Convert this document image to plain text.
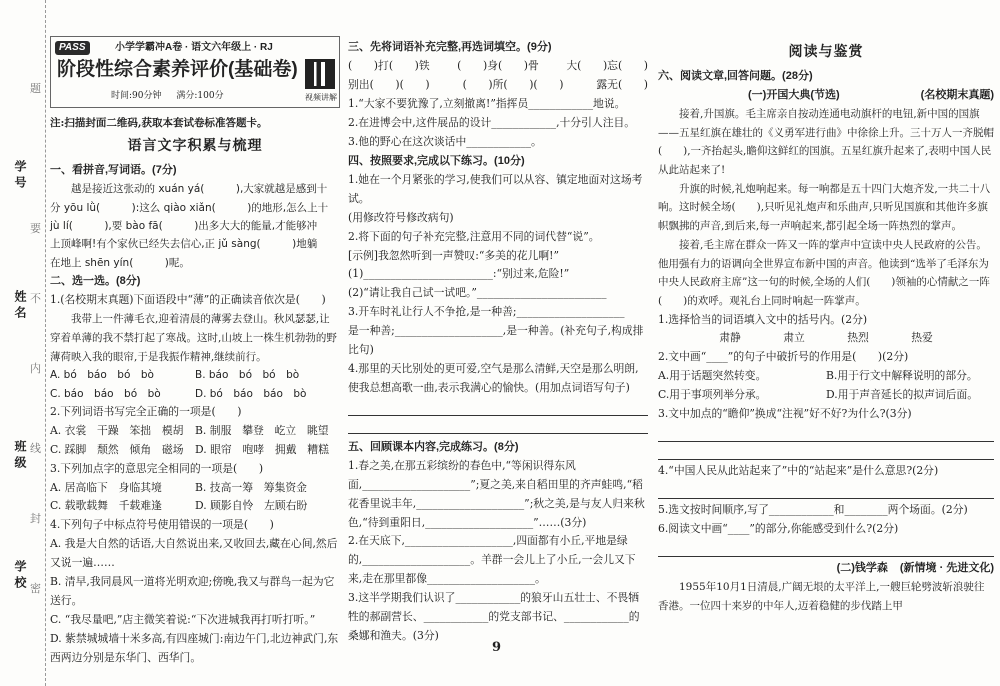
学号
姓名
班级
学校
题
要
不
内
线
封
密
PASS	小学学霸冲A卷 · 语文六年级上 · RJ
阶段性综合素养评价(基础卷)
时间:90分钟 满分:100分	视频讲解
注:扫描封面二维码,获取本套试卷标准答题卡。
语言文字积累与梳理
一、看拼音,写词语。(7分)
越是接近这张动的 xuán yá(　　　),大家就越是感到十
分 yōu lǜ(　　　):这么 qiào xiǎn(　　　)的地形,怎么上十
jù lí(　　　),要 bào fā(　　　)出多大大的能量,才能够冲
上顶峰啊!有个家伙已经失去信心,正 jǔ sàng(　　　)地躺
在地上 shēn yín(　　　)呢。
二、选一选。(8分)
1.(名校期末真题)下面语段中“薄”的正确读音依次是(　　)
我带上一件薄毛衣,迎着清晨的薄雾去登山。秋风瑟瑟,让穿着单薄的我不禁打起了寒战。这时,山坡上一株生机勃勃的野薄荷映入我的眼帘,于是我振作精神,继续前行。
A. bó　báo　bó　bò	B. báo　bó　bó　bò
C. báo　báo　bó　bò	D. bó　báo　báo　bò
2.下列词语书写完全正确的一项是(　　)
A. 衣裳　干躁　笨拙　模胡	B. 制服　攀登　屹立　眺望
C. 踩脚　颓然　倾角　磁场	D. 眼帘　咆哮　拥戴　糟糕
3.下列加点字的意思完全相同的一项是(　　)
A. 居高临下　身临其境	B. 技高一筹　筹集资金
C. 载歌载舞　千载难逢	D. 顾影自怜　左顾右盼
4.下列句子中标点符号使用错误的一项是(　　)
A. 我是大自然的话语,大自然说出来,又收回去,藏在心间,然后又说一遍……
B. 清早,我同晨风一道将光明欢迎;傍晚,我又与群鸟一起为它送行。
C. “我尽量吧,”店主微笑着说:“下次进城我再打听打听。”
D. 紫禁城城墙十米多高,有四座城门:南边午门,北边神武门,东西两边分别是东华门、西华门。
三、先将词语补充完整,再选词填空。(9分)
(　　)打(　　)铁	(　　)身(　　)骨	大(　　)忘(　　)
别出(　　)(　　)	(　　)所(　　)(　　)	露无(　　)
1.“大家不要犹豫了,立刻撤离!”指挥员____________地说。
2.在进博会中,这件展品的设计____________,十分引人注目。
3.他的野心在这次谈话中____________。
四、按照要求,完成以下练习。(10分)
1.她在一个月紧张的学习,使我们可以从容、镇定地面对这场考试。
(用修改符号修改病句)
2.将下面的句子补充完整,注意用不同的词代替“说”。
[示例]我忽然听到一声赞叹:“多美的花儿啊!”
(1)________________________:“别过来,危险!”
(2)“请让我自己试一试吧。”________________________
3.开车时礼让行人不争抢,是一种善;____________________
是一种善;____________________,是一种善。(补充句子,构成排比句)
4.那里的天比别处的更可爱,空气是那么清鲜,天空是那么明朗,使我总想高歌一曲,表示我满心的愉快。(用加点词语写句子)
五、回顾课本内容,完成练习。(8分)
1.春之美,在那五彩缤纷的春色中,“等闲识得东风面,____________________”;夏之美,来自稻田里的齐声蛙鸣,“稻花香里说丰年,____________________”;秋之美,是与友人归来秋色,“待到重阳日,____________________”……(3分)
2.在天底下,____________________,四面都有小丘,平地是绿的,____________________。羊群一会儿上了小丘,一会儿又下来,走在那里都像____________________。
3.这半学期我们认识了____________的狼牙山五壮士、不畏牺牲的郝副营长、____________的党支部书记、____________的桑娜和渔夫。(3分)
9
阅读与鉴赏
六、阅读文章,回答问题。(28分)
(一)开国大典(节选)	(名校期末真题)
接着,升国旗。毛主席亲自按动连通电动旗杆的电钮,新中国的国旗——五星红旗在雄壮的《义勇军进行曲》中徐徐上升。三十万人一齐脱帽(　　),一齐抬起头,瞻仰这鲜红的国旗。五星红旗升起来了,表明中国人民从此站起来了!
升旗的时候,礼炮响起来。每一响都是五十四门大炮齐发,一共二十八响。这时候全场(　　),只听见礼炮声和乐曲声,只听见国旗和其他许多旗帜飘拂的声音,到后来,每一声响起来,都引起全场一阵热烈的掌声。
接着,毛主席在群众一阵又一阵的掌声中宣读中央人民政府的公告。他用强有力的语调向全世界宣布新中国的声音。他读到“选举了毛泽东为中央人民政府主席”这一句的时候,全场的人们(　　)领袖的心情献之一阵(　　)的欢呼。观礼台上同时响起一阵掌声。
1.选择恰当的词语填入文中的括号内。(2分)
肃静	肃立	热烈	热爱
2.文中画“____”的句子中破折号的作用是(　　)(2分)
A.用于话题突然转变。	B.用于行文中解释说明的部分。
C.用于事项列举分承。	D.用于声音延长的拟声词后面。
3.文中加点的“瞻仰”换成“注视”好不好?为什么?(3分)
4.“中国人民从此站起来了”中的“站起来”是什么意思?(2分)
5.选文按时间顺序,写了____________和________两个场面。(2分)
6.阅读文中画“____”的部分,你能感受到什么?(2分)
(二)钱学森 (新情境 · 先进文化)
1955年10月1日清晨,广阔无垠的太平洋上,一艘巨轮劈波斩浪驶往香港。一位四十来岁的中年人,迈着稳健的步伐踏上甲
